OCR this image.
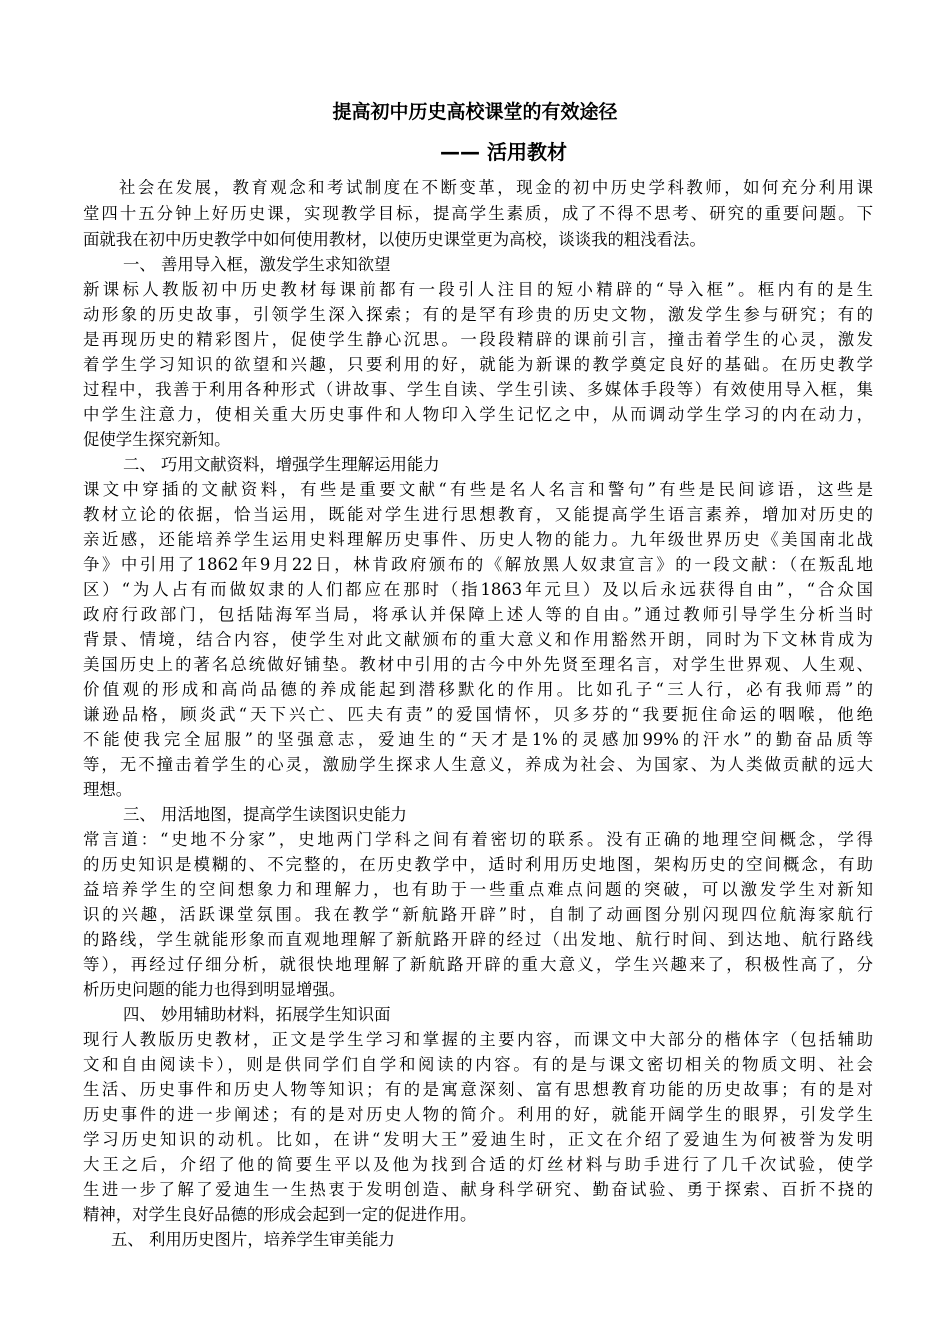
提高初中历史高校课堂的有效途径
—— 活用教材
社会在发展，教育观念和考试制度在不断变革，现金的初中历史学科教师，如何充分利用课
堂四十五分钟上好历史课，实现教学目标，提高学生素质，成了不得不思考、研究的重要问题。下
面就我在初中历史教学中如何使用教材，以使历史课堂更为高校，谈谈我的粗浅看法。
一、 善用导入框，激发学生求知欲望
新课标人教版初中历史教材每课前都有一段引人注目的短小精辟的“导入框”。框内有的是生
动形象的历史故事，引领学生深入探索；有的是罕有珍贵的历史文物，激发学生参与研究；有的
是再现历史的精彩图片，促使学生静心沉思。一段段精辟的课前引言，撞击着学生的心灵，激发
着学生学习知识的欲望和兴趣，只要利用的好，就能为新课的教学奠定良好的基础。在历史教学
过程中，我善于利用各种形式（讲故事、学生自读、学生引读、多媒体手段等）有效使用导入框，集
中学生注意力，使相关重大历史事件和人物印入学生记忆之中，从而调动学生学习的内在动力，
促使学生探究新知。
二、 巧用文献资料，增强学生理解运用能力
课文中穿插的文献资料，有些是重要文献“有些是名人名言和警句”有些是民间谚语，这些是
教材立论的依据，恰当运用，既能对学生进行思想教育，又能提高学生语言素养，增加对历史的
亲近感，还能培养学生运用史料理解历史事件、历史人物的能力。九年级世界历史《美国南北战
争》中引用了1862年9月22日，林肯政府颁布的《解放黑人奴隶宣言》的一段文献：（在叛乱地
区）“为人占有而做奴隶的人们都应在那时（指1863年元旦）及以后永远获得自由”，“合众国
政府行政部门，包括陆海军当局，将承认并保障上述人等的自由。”通过教师引导学生分析当时
背景、情境，结合内容，使学生对此文献颁布的重大意义和作用豁然开朗，同时为下文林肯成为
美国历史上的著名总统做好铺垫。教材中引用的古今中外先贤至理名言，对学生世界观、人生观、
价值观的形成和高尚品德的养成能起到潜移默化的作用。比如孔子“三人行，必有我师焉”的
谦逊品格，顾炎武“天下兴亡、匹夫有责”的爱国情怀，贝多芬的“我要扼住命运的咽喉，他绝
不能使我完全屈服”的坚强意志，爱迪生的“天才是1%的灵感加99%的汗水”的勤奋品质等
等，无不撞击着学生的心灵，激励学生探求人生意义，养成为社会、为国家、为人类做贡献的远大
理想。
三、 用活地图，提高学生读图识史能力
常言道：“史地不分家”，史地两门学科之间有着密切的联系。没有正确的地理空间概念，学得
的历史知识是模糊的、不完整的，在历史教学中，适时利用历史地图，架构历史的空间概念，有助
益培养学生的空间想象力和理解力，也有助于一些重点难点问题的突破，可以激发学生对新知
识的兴趣，活跃课堂氛围。我在教学“新航路开辟”时，自制了动画图分别闪现四位航海家航行
的路线，学生就能形象而直观地理解了新航路开辟的经过（出发地、航行时间、到达地、航行路线
等），再经过仔细分析，就很快地理解了新航路开辟的重大意义，学生兴趣来了，积极性高了，分
析历史问题的能力也得到明显增强。
四、 妙用辅助材料，拓展学生知识面
现行人教版历史教材，正文是学生学习和掌握的主要内容，而课文中大部分的楷体字（包括辅助
文和自由阅读卡），则是供同学们自学和阅读的内容。有的是与课文密切相关的物质文明、社会
生活、历史事件和历史人物等知识；有的是寓意深刻、富有思想教育功能的历史故事；有的是对
历史事件的进一步阐述；有的是对历史人物的简介。利用的好，就能开阔学生的眼界，引发学生
学习历史知识的动机。比如，在讲“发明大王”爱迪生时，正文在介绍了爱迪生为何被誉为发明
大王之后，介绍了他的简要生平以及他为找到合适的灯丝材料与助手进行了几千次试验，使学
生进一步了解了爱迪生一生热衷于发明创造、献身科学研究、勤奋试验、勇于探索、百折不挠的
精神，对学生良好品德的形成会起到一定的促进作用。
五、 利用历史图片，培养学生审美能力
